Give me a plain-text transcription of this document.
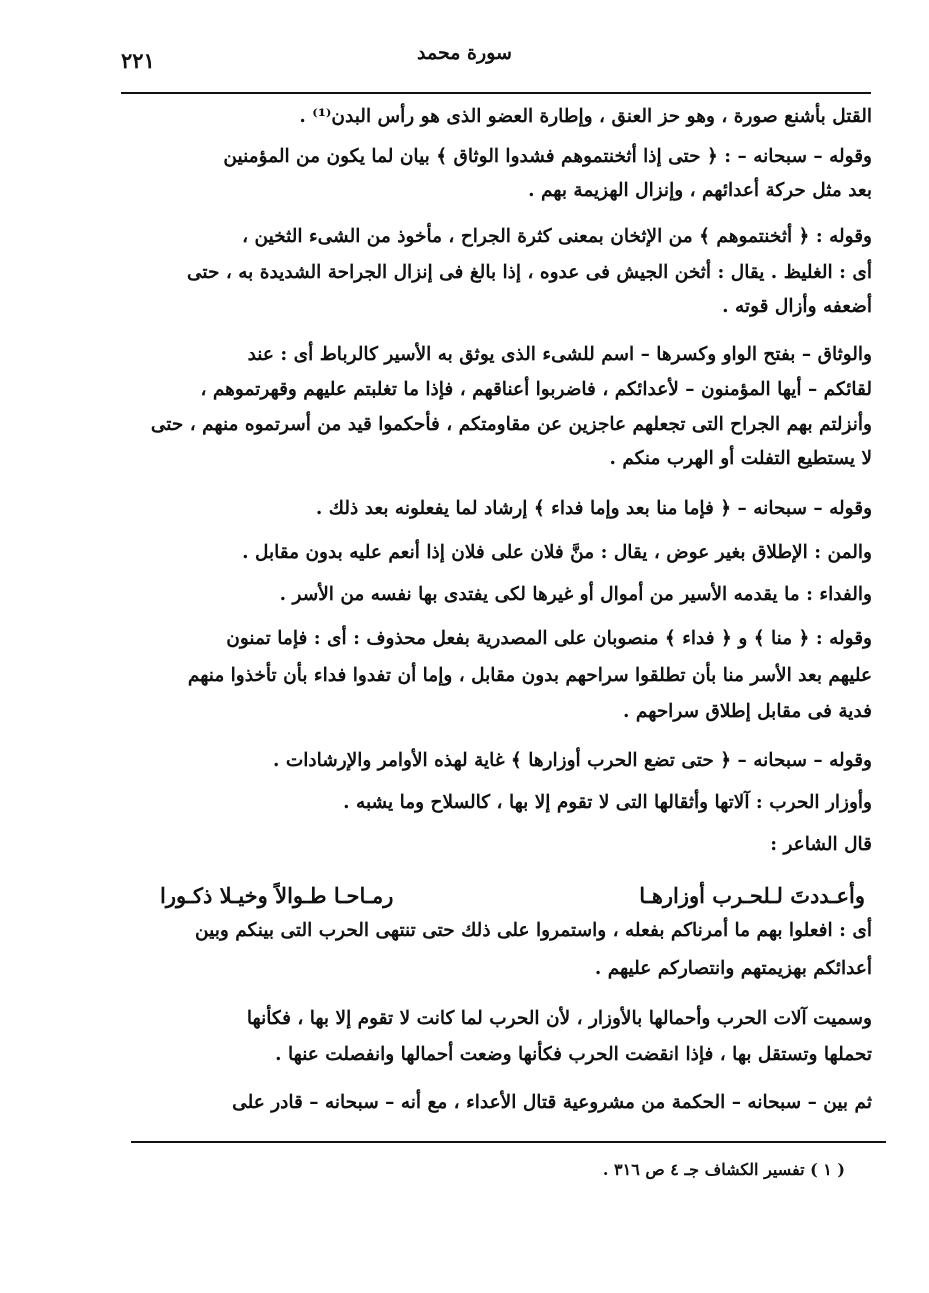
سورة محمد
٢٢١
القتل بأشنع صورة ، وهو حز العنق ، وإطارة العضو الذى هو رأس البدن⁽¹⁾ .
وقوله – سبحانه – : ﴿ حتى إذا أثخنتموهم فشدوا الوثاق ﴾ بيان لما يكون من المؤمنين
بعد مثل حركة أعدائهم ، وإنزال الهزيمة بهم .
وقوله : ﴿ أثخنتموهم ﴾ من الإثخان بمعنى كثرة الجراح ، مأخوذ من الشىء الثخين ،
أى : الغليظ . يقال : أثخن الجيش فى عدوه ، إذا بالغ فى إنزال الجراحة الشديدة به ، حتى
أضعفه وأزال قوته .
والوثاق – بفتح الواو وكسرها – اسم للشىء الذى يوثق به الأسير كالرباط أى : عند
لقائكم – أيها المؤمنون – لأعدائكم ، فاضربوا أعناقهم ، فإذا ما تغلبتم عليهم وقهرتموهم ،
وأنزلتم بهم الجراح التى تجعلهم عاجزين عن مقاومتكم ، فأحكموا قيد من أسرتموه منهم ، حتى
لا يستطيع التفلت أو الهرب منكم .
وقوله – سبحانه – ﴿ فإما منا بعد وإما فداء ﴾ إرشاد لما يفعلونه بعد ذلك .
والمن : الإطلاق بغير عوض ، يقال : منَّ فلان على فلان إذا أنعم عليه بدون مقابل .
والفداء : ما يقدمه الأسير من أموال أو غيرها لكى يفتدى بها نفسه من الأسر .
وقوله : ﴿ منا ﴾ و ﴿ فداء ﴾ منصوبان على المصدرية بفعل محذوف : أى : فإما تمنون
عليهم بعد الأسر منا بأن تطلقوا سراحهم بدون مقابل ، وإما أن تفدوا فداء بأن تأخذوا منهم
فدية فى مقابل إطلاق سراحهم .
وقوله – سبحانه – ﴿ حتى تضع الحرب أوزارها ﴾ غاية لهذه الأوامر والإرشادات .
وأوزار الحرب : آلاتها وأثقالها التى لا تقوم إلا بها ، كالسلاح وما يشبه .
قال الشاعر :
وأعـددتَ لـلحـرب أوزارهـا
رمـاحـا طـوالاً وخيـلا ذكـورا
أى : افعلوا بهم ما أمرناكم بفعله ، واستمروا على ذلك حتى تنتهى الحرب التى بينكم وبين
أعدائكم بهزيمتهم وانتصاركم عليهم .
وسميت آلات الحرب وأحمالها بالأوزار ، لأن الحرب لما كانت لا تقوم إلا بها ، فكأنها
تحملها وتستقل بها ، فإذا انقضت الحرب فكأنها وضعت أحمالها وانفصلت عنها .
ثم بين – سبحانه – الحكمة من مشروعية قتال الأعداء ، مع أنه – سبحانه – قادر على
( ١ ) تفسير الكشاف جـ ٤ ص ٣١٦ .
